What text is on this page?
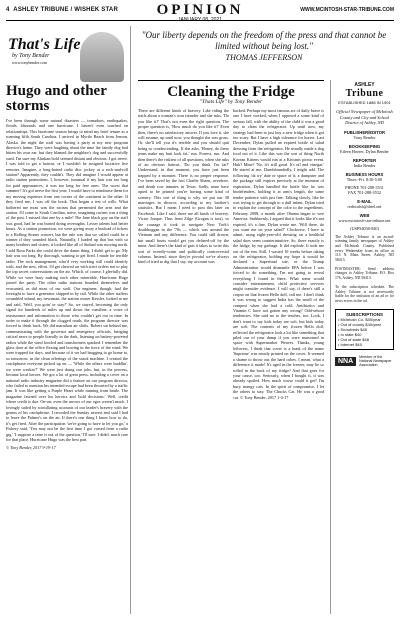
4 ASHLEY TRIBUNE / WISHEK STAR	OPINION
JANUARY 08, 2021
WWW.MCINTOSH-STAR-TRIBUNE.COM
That's Life
by Tony Bender
www.tonybender.com
Hugo and other storms
I've been through some natural disasters — tornadoes, earthquakes, floods, blizzards and one hurricane. I haven't even touched on relationships. This hurricane season brings to mind my brief tenure as a roaming fifth South Carolina. I arrived in Myrtle Beach from Jenson, Alaska, the night the staff was having a party at my new program director's home. They were laughing about the time the family dog had bitten his own ear, but they blamed the neighbor's dog and successfully sued. I'm sure my Alaskan hold seemed distant and obvious. I got nerve. I was told to get a haircut, or I wouldn't be assigned lucrative live remotes. Imagine, a long-haired radio disc jockey at a rock-and-roll station? Apparently, they couldn't. They did imagine I would appear at radio station promotions. I, however, (unusual if my hair was too long for paid appearances, it was too long for free ones. The worst that summer? It's got nerve the first year; I would have to reimburse them for my moving expenses from one corner of the continent to the other. If they fired me, I was off the hook. That began a test of wills. What bothered me most was the racism that permeated the area and the station. I'd come to South Carolina, naive, imagining racism was a thing of the past. I missed that one by a mile! The Jane black guy on the staff was good, had he was buried doing overnights. Lesser talents had better hours. As a station promotion, we were giving away a busload of tickets to a Rolling Stones concert, but the rule was that we called could be a winner if they sounded black. Naturally, I loaded up that bus with so many brothers and sisters, it looked like all of Sinbad was moving north. I told Rosa Parks she could drive the damn thing. I didn't get to go. My hair was too long. By thorough, wanting to get fired. I made for terrible radio. The rock management, who'd very working still could identify with, and the new, effort. I'd get chewed on with strict orders not to play the top secret conversations on the air. Which, of course, I gleefully did. While we were busy making each other miserable, Hurricane Hugo joined the party. The other radio stations boarded themselves and evacuated, as did most of our staff. Our engineer, though, had the foresight to have a generator shipped in by rail. While the other staffers scrambled inland, my newsman, the station owner Kessler, looked at me and said, 'Well, you goin' or stay?' So, we stayed, becoming the only signal for hundreds of miles up and down the coastline, a voice of reassurance and information to those who couldn't get out in time. In order to make it through the clogged roads, the program director was forced to drink back. We did marathon air shifts. Robert sat behind me, communicating with the governor and emergency officials, bringing critical news to people literally in the dark, listening on battery-powered radios while the wind howled and transformers sparked. I remember the glass door at the office flexing and bowing in the force of the wind. We were trapped for days, and because of it we had bragging to go home to, so tomorrow, in the clean offerings of the snack machine. I created the catchphrase everyone picked up on — 'While the others were huddlin', we were workin'!' We were just doing our jobs, but, in the process, became local heroes. We got a lot of great press, including a cover on a national radio industry magazine did a feature on our program director, who failed to mention his intended escape had been thwarted by a traffic jam. It was like getting a Purple Heart while running from battle. The magazine fawned over his heroics and 'bold decisions.' Well, credit where credit is due. On-air, even the arrows of our egos weren't much. I lovingly sailed by scintillating accounts of our leader's bravery with the genius of his catchphrase. I recorded the Sunday newest and said I had to leave the Palmer's on the air. If there's one thing I know how to do, it's get fired. After the participation 'we're going to have to let you go,' a Fishery said, 'You may not be the first time I got cursed from a radio gig.' 'I suppose a raise is out of the question,' I'll sure. I didn't much care for that place. Hurricane Hugo was the best part.
© Tony Bender, 2017 9-19-17
"Our liberty depends on the freedom of the press and that cannot be limited without being lost."
THOMAS JEFFERSON
Cleaning the Fridge
"Thats Life" by Tony Bender
There are different kinds of bravery. Like riding the trails about a woman's sour intruder and she asks, 'Do you like it?' That's not even the right question. The proper question is, 'How much do you like it?' Even then, there's no satisfactory answer. If you love it, she will assume, up until now, you thought she was gross. Or, she'll tell you it's terrible and you should quit being so condescending. If she asks, 'Honey, do these jeans make my butt look fat,' run. Forrest, run. And then there's the riskiest of all questions, when she asks of an obvious haircut, 'Do you think I'm fat?' Understand, in that moment, you have just been trapped by a monster. There is no proper response. I've been saved by the fact Charlie Shaen, overdose, and death row inmates in Texas. Sadly, none have opted to be printed you're having some kind of scenery. This sort of thing is why we put our 38 marriages in divorce, according to my brother's statistics. But I mean I need to post this later on Facebook. Like I said, there are all kinds of bravery. Victor Joaque. Thus from Zilge (Grogan is taxi), so the courage it took to navigate New York's deathboggan in the '70s — which was around the Vietnam and any difference. You could still drown, but small boots would get you defined-off by the mine. And there's the kind of guts it takes to write this sort of overdly-scrim and politically controversial column. Instead, since they're pivotal we've always kind of tried to dig that I say, my account was
hacked. Perhaps my most famous act of daily brave is one I have worked, when I opposed a some kind of serious fall, with the ability of the child it was a good day to clean the refrigerator. Up until now, my strategy had been to just buy a new fridge when it got too scary. But I have a high tolerance for horror. Last December, Dylan pulled an expired bottle of salad dressing from the refrigerator. He usually made a dog food out of it. Like this was the sort of thing North Korean Kittens would run at a Kiwanis picnic event. Huh? Mine? 'No, it's still good. It's oil and vinegar.' He stared at me. Dumbfoundedly, I might add. The following 'ok try' date or space of it, a dumpster and the package still expires precisely at the moment of expiration. Dylan handled the bottle like he was biodefenders, holding it at arm's length, the same tender patience with just fine. Talking slowly, like he was trying to get through to a dull infant, Dylan tried to explain the concept of the color to the ingredients. February 2008, a month after Obama began to wee America. Stubbornly, I argued that it looks like it's not expired, it's a fine, Dylan wrote me. 'Will there, do you want me on your salad?' Clockwise, I have to admit, using eight-year-old dressing on a healthful salad does seem counterintuitive. So, there exactly is the fridge, by my garbage. It did explode. It took me out of the rim. Still, I wasted 10 weeks before taking on the refrigerator, holding my hope it would be declared a Superfund site, or the Trump Administration would dismantle EPA before I was forced to do something. I'm not going to reveal everything I found in there. What some would consider entertainment, child protective services might consider evidence. I will say, if there's still a corpse on that frozen Hello doll, call me. I don't think it was wrong to suggest India has the smell of the compost when she had a cold. Antibiotics and Vitamin C have not gotten any wrong? Odd-seboot tendencies. She said no to the tenches, too. Look, I don't want to say kids today are soft, but kids today are soft. The contents of my frozen Hello doll, reflected the refrigerator look a lot like something that piled our of your dump if you were marooned in space with Supermarket Weaver. Thanks, young leftovers, I think that cover is a hunk of the name 'Supreme' was mostly printed on the cover. It seemed a shame to throw out the hard cubes. I mean, what a difference it made! It's aged in the freezer, may be so rolled in the back of my fridge? And that goes for your cause, too. Seriously, when I bought it, it was already spoiled. How much worse could it get? I'm bury, mangy cats. In the spirit of compromise, I let the others to stay. The Chucks Cat. He was a good cat. © Tony Bender, 2017 1-4-17
ASHLEY
Tribune
ESTABLISHED 1888 IN 1901
Official Newspaper of McIntosh County and City and School District of Ashley, ND
PUBLISHER/EDITOR
Tony Bender
BOOKKEEPING
Eileen Hoerer, Dylan Bender
REPORTER
India Bender
BUSINESS HOURS
Thurs.-Fri. 8:30-5:00
PHONE 701-288-3531
FAX 701-288-3532
E-MAIL
redtwalsh@drtel.net
WEB
www.mcintosh-star-tribune.net
(USPS4030-840)
The Ashley Tribune is an award-winning family newspaper of Ashley and McIntosh County. Published every Wednesday from its office at 113 N. Main Street, Ashley, ND 58413.
POSTMASTER: Send address changes to Ashley Tribune, P.O. Box 176, Ashley, ND 58413.
To the subscription schedule. The Ashley Tribune is not necessarily liable for the omission of an ad or for news errors in the ad.
SUBSCRIPTIONS
• McIntosh Co. $35/year
• Out of county $40/year
• Snowbirds $45
• In state $40
• Out of state $48
• Internet $45
NNA
Member of the National Newspaper Association
